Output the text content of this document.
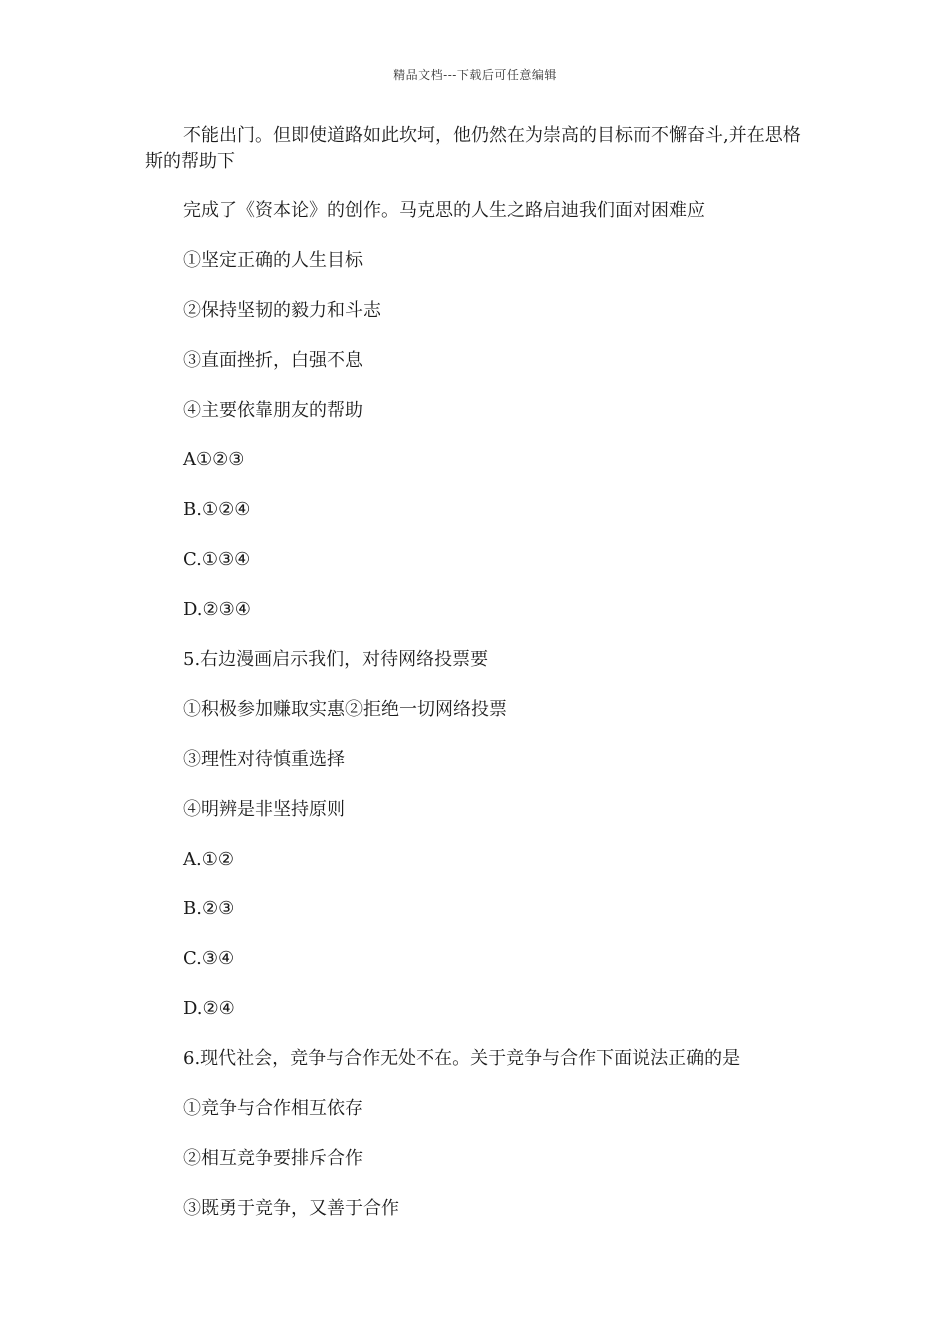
精品文档---下载后可任意编辑
不能出门。但即使道路如此坎坷，他仍然在为崇高的目标而不懈奋斗,并在思格斯的帮助下
完成了《资本论》的创作。马克思的人生之路启迪我们面对困难应
①坚定正确的人生目标
②保持坚韧的毅力和斗志
③直面挫折，白强不息
④主要依靠朋友的帮助
A①②③
B.①②④
C.①③④
D.②③④
5.右边漫画启示我们，对待网络投票要
①积极参加赚取实惠②拒绝一切网络投票
③理性对待慎重选择
④明辨是非坚持原则
A.①②
B.②③
C.③④
D.②④
6.现代社会，竞争与合作无处不在。关于竞争与合作下面说法正确的是
①竞争与合作相互依存
②相互竞争要排斥合作
③既勇于竞争，又善于合作
